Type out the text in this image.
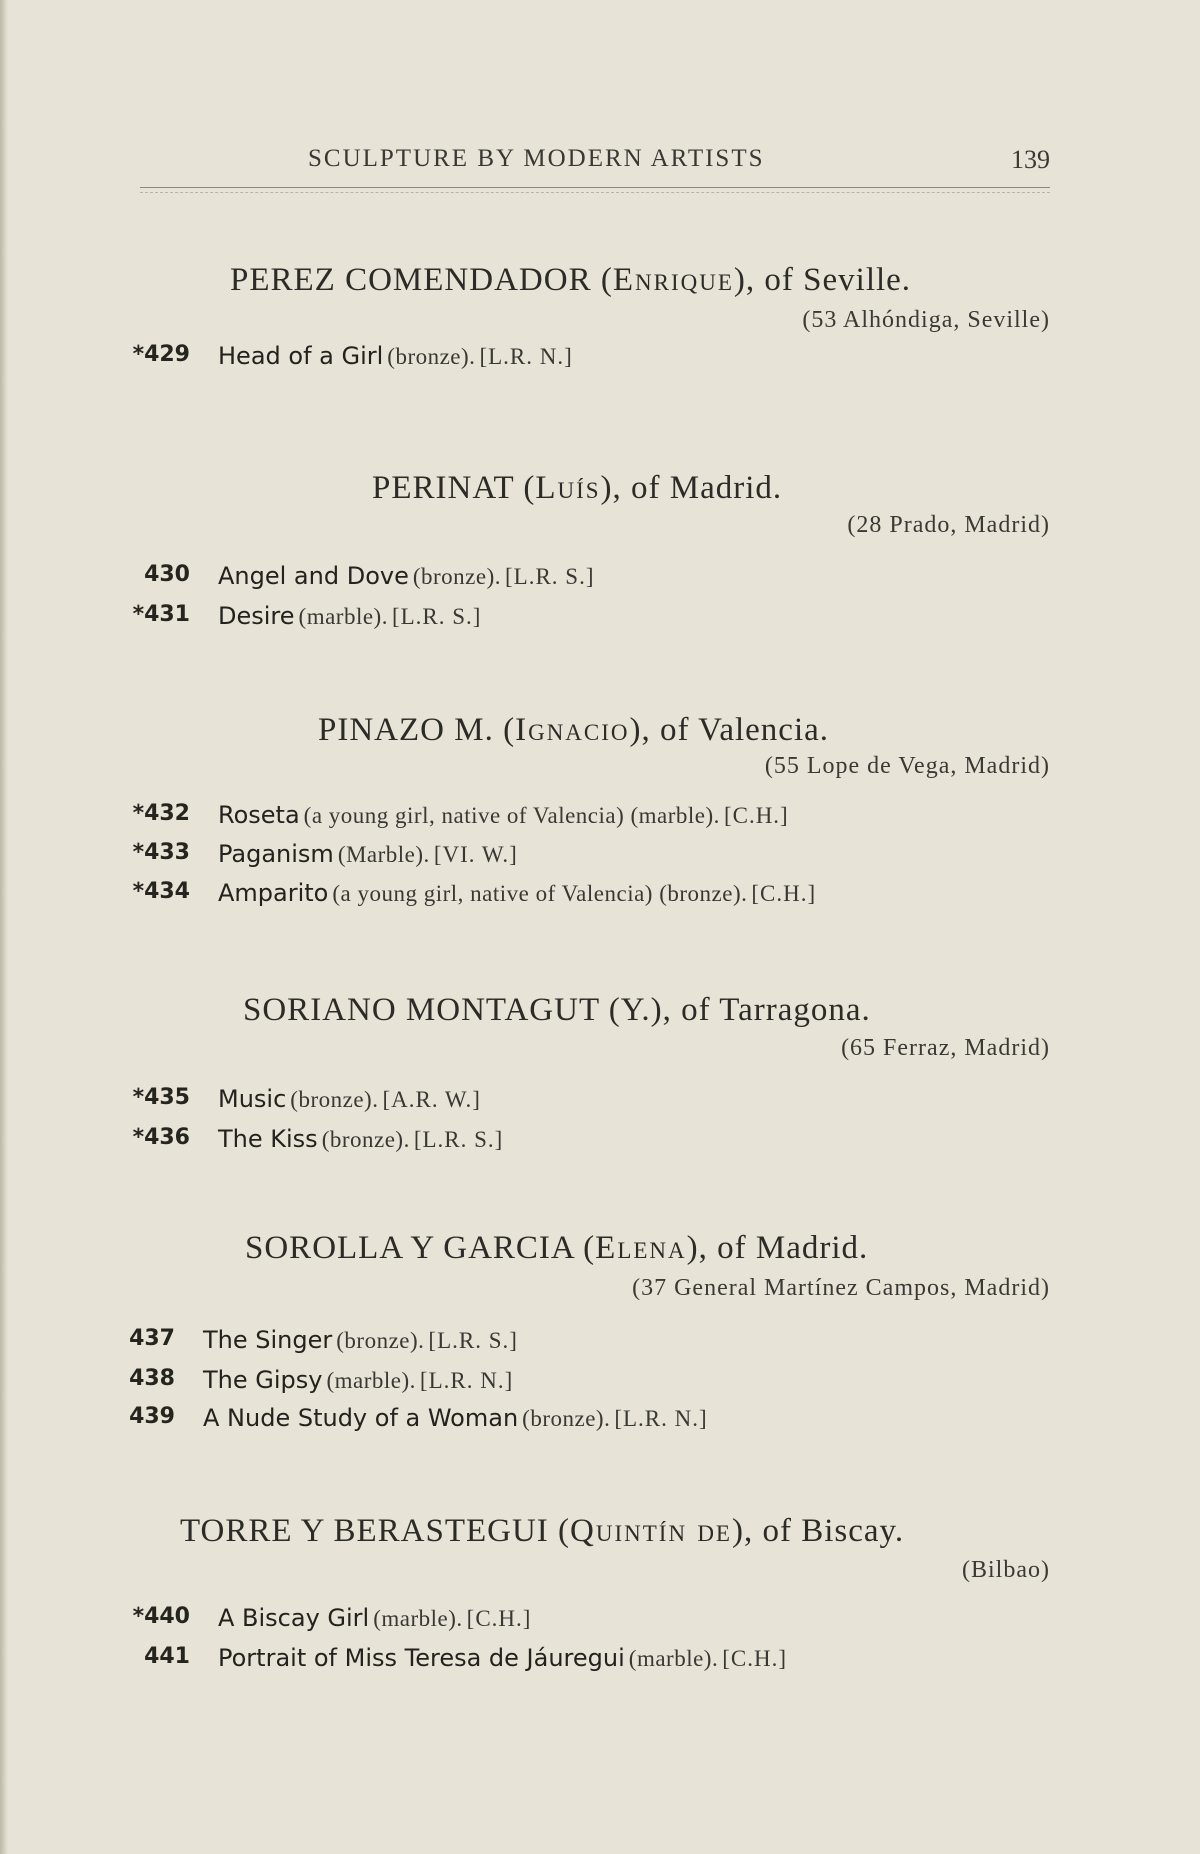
SCULPTURE BY MODERN ARTISTS	139
PEREZ COMENDADOR (Enrique), of Seville.
(53 Alhóndiga, Seville)
*429 Head of a Girl (bronze). [L.R. N.]
PERINAT (Luís), of Madrid.
(28 Prado, Madrid)
430 Angel and Dove (bronze). [L.R. S.]
*431 Desire (marble). [L.R. S.]
PINAZO M. (Ignacio), of Valencia.
(55 Lope de Vega, Madrid)
*432 Roseta (a young girl, native of Valencia) (marble). [C.H.]
*433 Paganism (Marble). [VI. W.]
*434 Amparito (a young girl, native of Valencia) (bronze). [C.H.]
SORIANO MONTAGUT (Y.), of Tarragona.
(65 Ferraz, Madrid)
*435 Music (bronze). [A.R. W.]
*436 The Kiss (bronze). [L.R. S.]
SOROLLA Y GARCIA (Elena), of Madrid.
(37 General Martínez Campos, Madrid)
437 The Singer (bronze). [L.R. S.]
438 The Gipsy (marble). [L.R. N.]
439 A Nude Study of a Woman (bronze). [L.R. N.]
TORRE Y BERASTEGUI (Quintín de), of Biscay.
(Bilbao)
*440 A Biscay Girl (marble). [C.H.]
441 Portrait of Miss Teresa de Jáuregui (marble). [C.H.]
